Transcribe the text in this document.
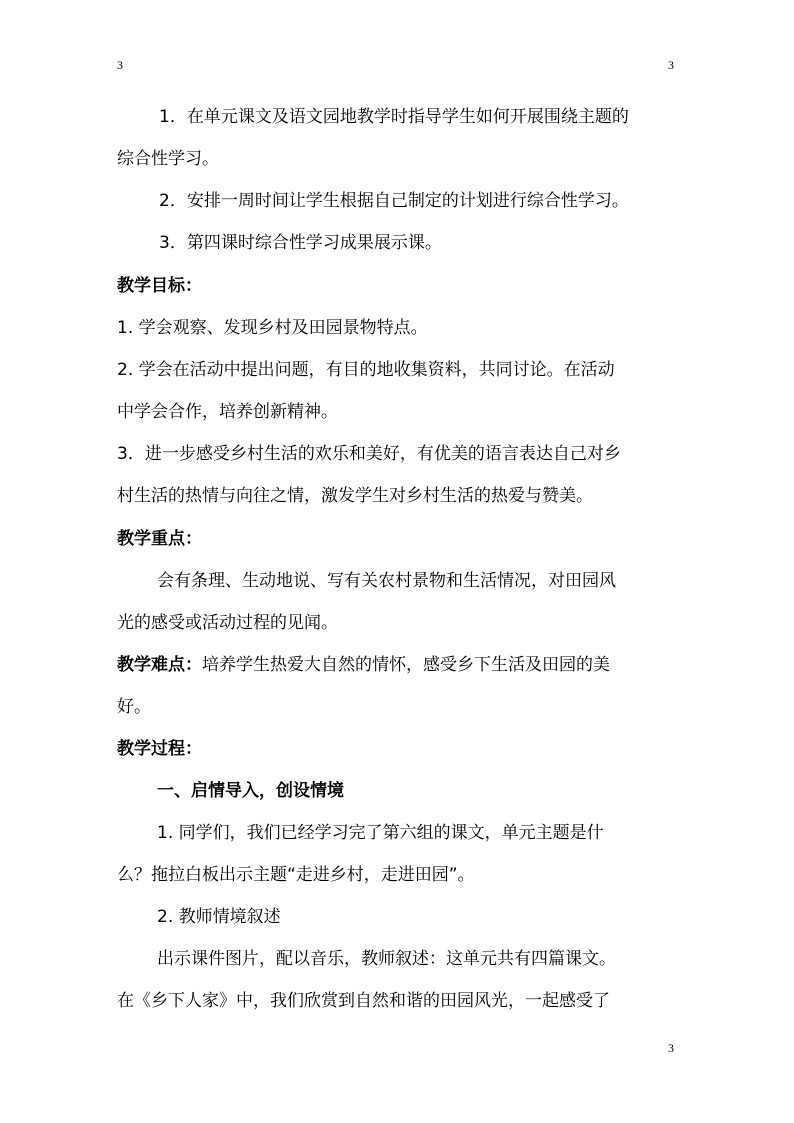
3	3
1．在单元课文及语文园地教学时指导学生如何开展围绕主题的
综合性学习。
2．安排一周时间让学生根据自己制定的计划进行综合性学习。
3．第四课时综合性学习成果展示课。
教学目标：
1. 学会观察、发现乡村及田园景物特点。
2. 学会在活动中提出问题，有目的地收集资料，共同讨论。在活动
中学会合作，培养创新精神。
3．进一步感受乡村生活的欢乐和美好，有优美的语言表达自己对乡
村生活的热情与向往之情，激发学生对乡村生活的热爱与赞美。
教学重点：
会有条理、生动地说、写有关农村景物和生活情况，对田园风
光的感受或活动过程的见闻。
教学难点：培养学生热爱大自然的情怀，感受乡下生活及田园的美
好。
教学过程：
一、启情导入，创设情境
1. 同学们，我们已经学习完了第六组的课文，单元主题是什
么？拖拉白板出示主题“走进乡村，走进田园”。
2. 教师情境叙述
出示课件图片，配以音乐，教师叙述：这单元共有四篇课文。
在《乡下人家》中，我们欣赏到自然和谐的田园风光，一起感受了
3
